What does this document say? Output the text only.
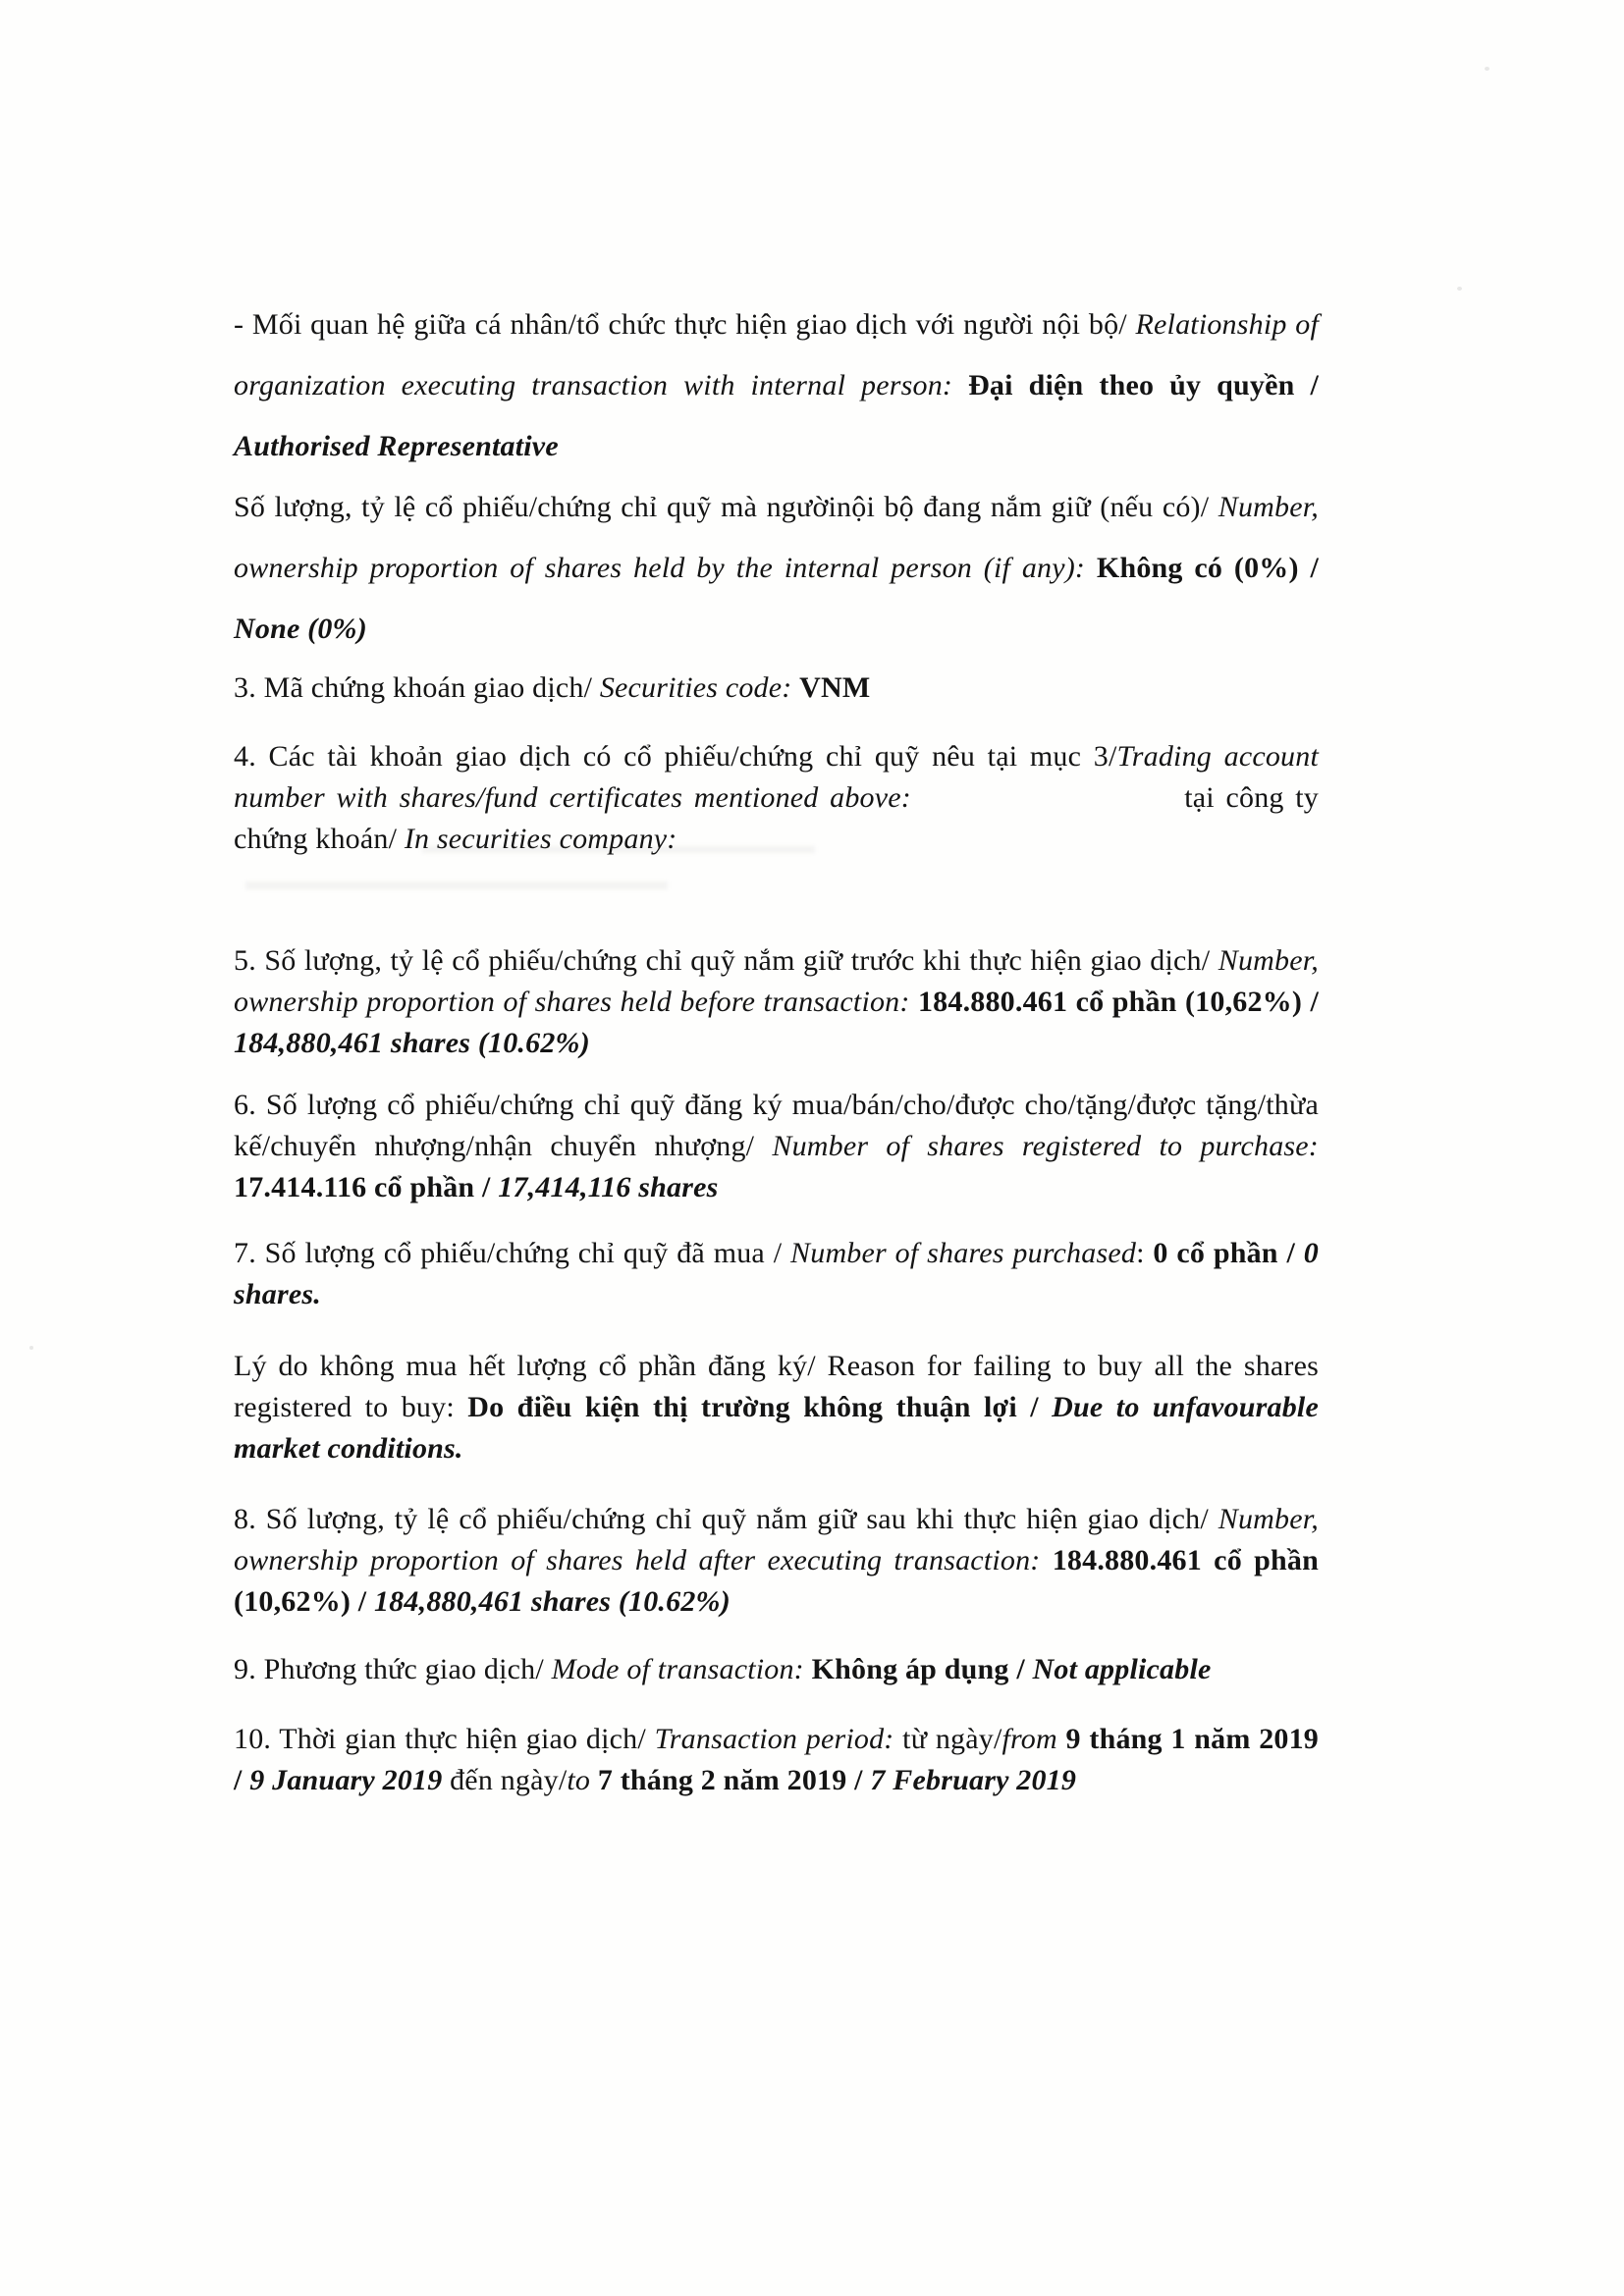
- Mối quan hệ giữa cá nhân/tổ chức thực hiện giao dịch với người nội bộ/ Relationship of organization executing transaction with internal person: Đại diện theo ủy quyền / Authorised Representative

Số lượng, tỷ lệ cổ phiếu/chứng chỉ quỹ mà ngườinội bộ đang nắm giữ (nếu có)/ Number, ownership proportion of shares held by the internal person (if any): Không có (0%) / None (0%)

3. Mã chứng khoán giao dịch/ Securities code: VNM

4. Các tài khoản giao dịch có cổ phiếu/chứng chỉ quỹ nêu tại mục 3/Trading account number with shares/fund certificates mentioned above:	tại công ty chứng khoán/ In securities company:

5. Số lượng, tỷ lệ cổ phiếu/chứng chỉ quỹ nắm giữ trước khi thực hiện giao dịch/ Number, ownership proportion of shares held before transaction: 184.880.461 cổ phần (10,62%) / 184,880,461 shares (10.62%)

6. Số lượng cổ phiếu/chứng chỉ quỹ đăng ký mua/bán/cho/được cho/tặng/được tặng/thừa kế/chuyển nhượng/nhận chuyển nhượng/ Number of shares registered to purchase: 17.414.116 cổ phần / 17,414,116 shares

7. Số lượng cổ phiếu/chứng chỉ quỹ đã mua / Number of shares purchased: 0 cổ phần / 0 shares.

Lý do không mua hết lượng cổ phần đăng ký/ Reason for failing to buy all the shares registered to buy: Do điều kiện thị trường không thuận lợi / Due to unfavourable market conditions.

8. Số lượng, tỷ lệ cổ phiếu/chứng chỉ quỹ nắm giữ sau khi thực hiện giao dịch/ Number, ownership proportion of shares held after executing transaction: 184.880.461 cổ phần (10,62%) / 184,880,461 shares (10.62%)

9. Phương thức giao dịch/ Mode of transaction: Không áp dụng / Not applicable

10. Thời gian thực hiện giao dịch/ Transaction period: từ ngày/from 9 tháng 1 năm 2019 / 9 January 2019 đến ngày/to 7 tháng 2 năm 2019 / 7 February 2019
